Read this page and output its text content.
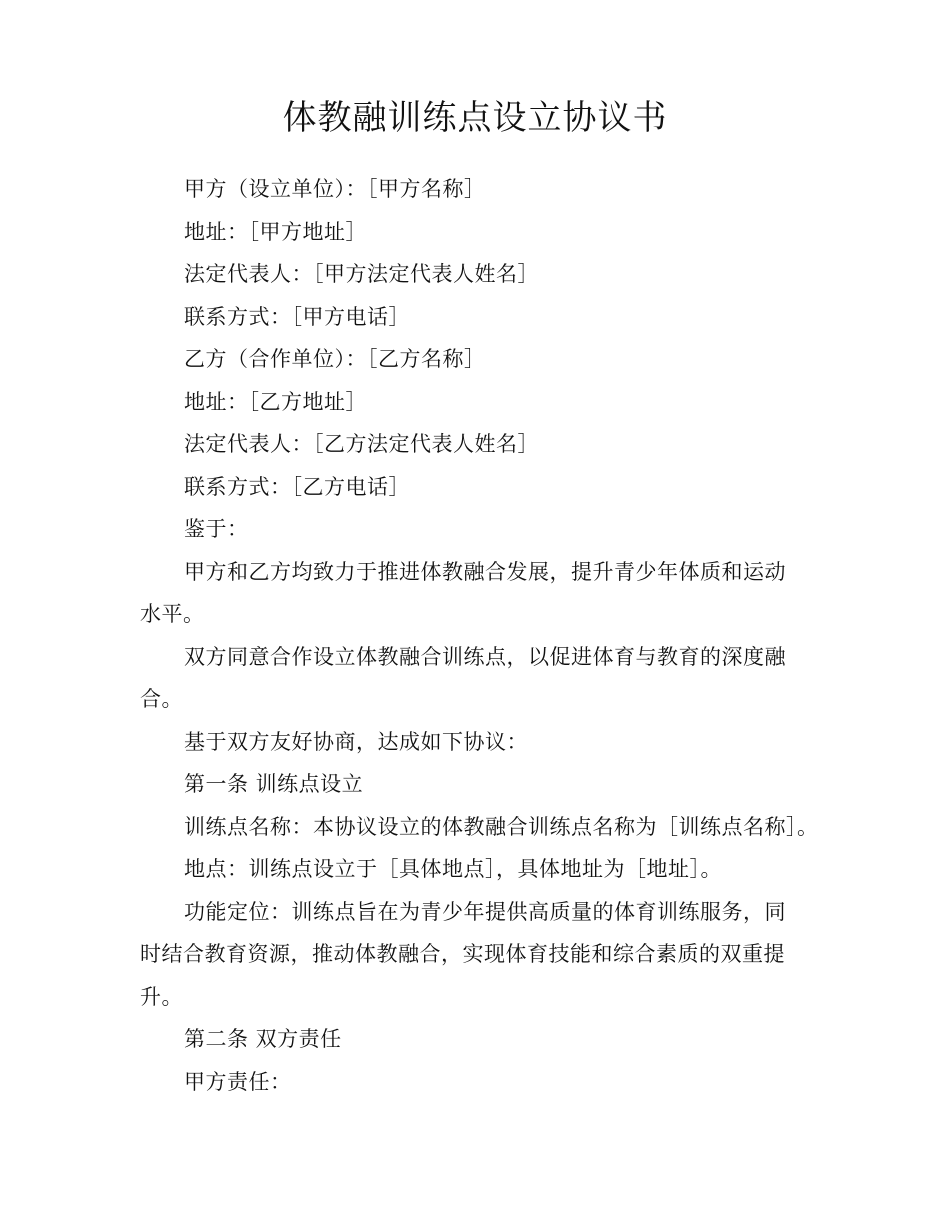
体教融训练点设立协议书

甲方（设立单位）：［甲方名称］

地址：［甲方地址］

法定代表人：［甲方法定代表人姓名］

联系方式：［甲方电话］

乙方（合作单位）：［乙方名称］

地址：［乙方地址］

法定代表人：［乙方法定代表人姓名］

联系方式：［乙方电话］

鉴于：

甲方和乙方均致力于推进体教融合发展，提升青少年体质和运动

水平。

双方同意合作设立体教融合训练点，以促进体育与教育的深度融

合。

基于双方友好协商，达成如下协议：

第一条 训练点设立

训练点名称：本协议设立的体教融合训练点名称为［训练点名称］。

地点：训练点设立于［具体地点］，具体地址为［地址］。

功能定位：训练点旨在为青少年提供高质量的体育训练服务，同

时结合教育资源，推动体教融合，实现体育技能和综合素质的双重提

升。

第二条 双方责任

甲方责任：
